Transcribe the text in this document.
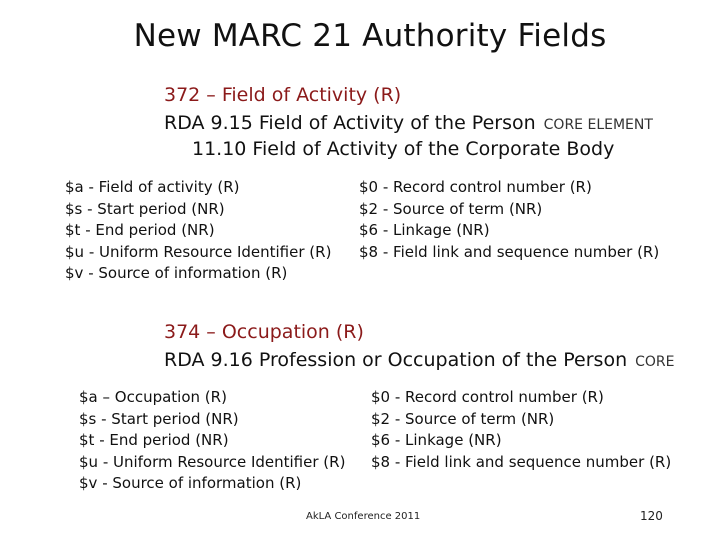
New MARC 21 Authority Fields
372 – Field of Activity (R)
RDA 9.15 Field of Activity of the Person CORE ELEMENT
11.10 Field of Activity of the Corporate Body
$a - Field of activity (R)
$s - Start period (NR)
$t - End period (NR)
$u - Uniform Resource Identifier (R)
$v - Source of information (R)
$0 - Record control number (R)
$2 - Source of term (NR)
$6 - Linkage (NR)
$8 - Field link and sequence number (R)
374 – Occupation (R)
RDA 9.16 Profession or Occupation of the Person CORE
$a – Occupation (R)
$s - Start period (NR)
$t - End period (NR)
$u - Uniform Resource Identifier (R)
$v - Source of information (R)
$0 - Record control number (R)
$2 - Source of term (NR)
$6 - Linkage (NR)
$8 - Field link and sequence number (R)
AkLA Conference 2011	120
